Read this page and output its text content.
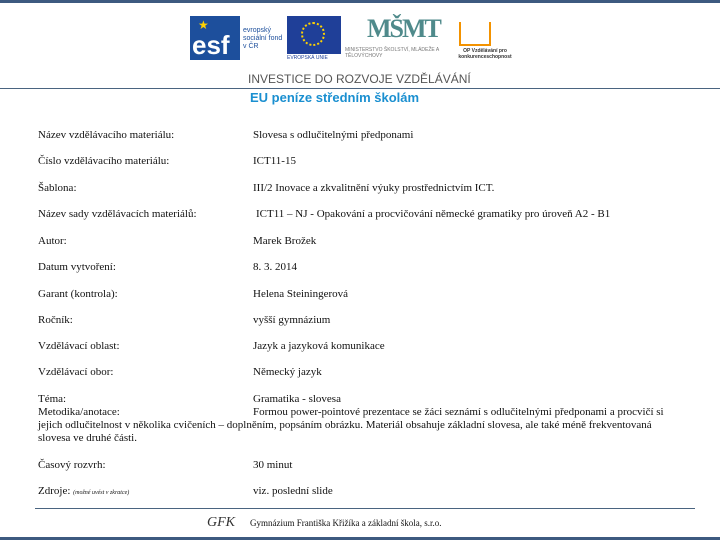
esf
★	evropský sociální fond v ČR
EVROPSKÁ UNIE
MŠMT
MINISTERSTVO ŠKOLSTVÍ, MLÁDEŽE A TĚLOVÝCHOVY
OP Vzdělávání pro konkurenceschopnost
INVESTICE DO ROZVOJE VZDĚLÁVÁNÍ
EU peníze středním školám
Název vzdělávacího materiálu:	Slovesa s odlučitelnými předponami
Číslo vzdělávacího materiálu:	ICT11-15
Šablona:	III/2 Inovace a zkvalitnění výuky prostřednictvím ICT.
Název sady vzdělávacích materiálů:	ICT11 – NJ - Opakování a procvičování německé gramatiky pro úroveň A2 - B1
Autor:	Marek Brožek
Datum vytvoření:	8. 3. 2014
Garant (kontrola):	Helena Steiningerová
Ročník:	vyšší gymnázium
Vzdělávací oblast:	Jazyk a jazyková komunikace
Vzdělávací obor:	Německý jazyk
Téma:	Gramatika - slovesa
Metodika/anotace:	Formou power-pointové prezentace se žáci seznámí s odlučitelnými předponami a procvičí si
jejich odlučitelnost v několika cvičeních – doplněním, popsáním obrázku. Materiál obsahuje základní slovesa, ale také méně frekventovaná
slovesa ve druhé části.
Časový rozvrh:	30 minut
Zdroje: (možné uvést v zkratce)	viz. poslední slide
GFK Gymnázium Františka Křižíka a základní škola, s.r.o.
